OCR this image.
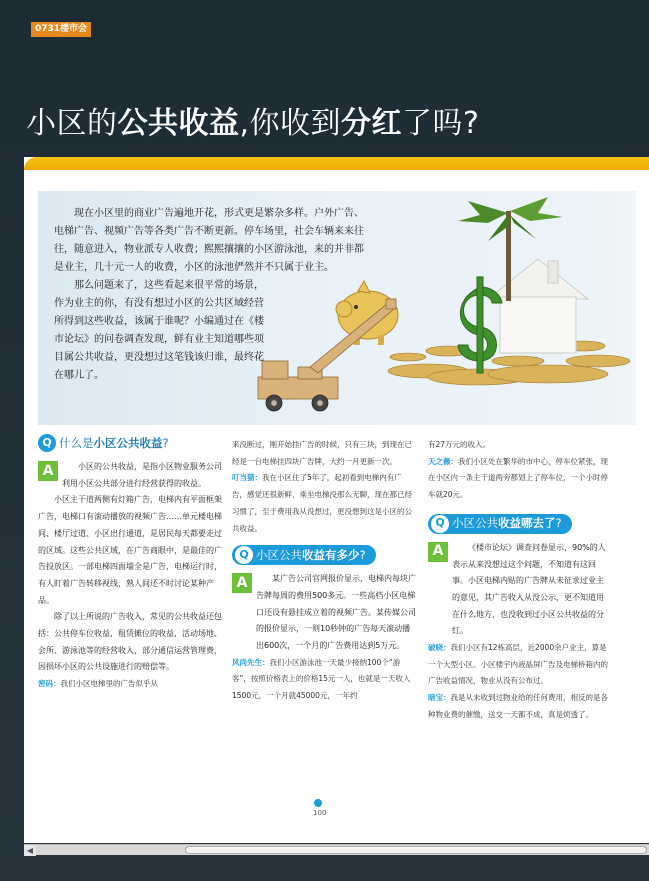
0731楼市会
小区的公共收益,你收到分红了吗?

现在小区里的商业广告遍地开花，形式更是繁杂多样。户外广告、电梯广告、视频广告等各类广告不断更新。停车场里，社会车辆来来往往，随意进入，物业派专人收费；熙熙攘攘的小区游泳池，来的并非都是业主，几十元一人的收费，小区的泳池俨然并不只属于业主。

那么问题来了，这些看起来很平常的场景，作为业主的你，有没有想过小区的公共区域经营所得到这些收益，该属于谁呢？小编通过在《楼市论坛》的问卷调查发现，鲜有业主知道哪些项目属公共收益，更没想过这笔钱该归谁，最终花在哪儿了。

Q 什么是小区公共收益?
A	小区的公共收益，是指小区物业服务公司利用小区公共部分进行经营获得的收益。

小区主干道两侧有灯箱广告，电梯内有平面框架广告，电梯口有滚动播放的视频广告……单元楼电梯间、楼厅过道、小区出行通道，是居民每天都要走过的区域。这些公共区域，在广告商眼中，是最佳的广告投放区。一部电梯四面墙全是广告，电梯运行时，有人盯着广告转移视线，熟人间还不时讨论某种产品。

除了以上所说的广告收入，常见的公共收益还包括：公共停车位收益，租赁摊位的收益，活动场地、会所、游泳池等的经营收入，部分通信运营管理费，因损坏小区的公共设施进行的赔偿等。

密码：我们小区电梯里的广告似乎从
来没断过，刚开始挂广告的时候，只有三块，到现在已经是一台电梯挂四块广告牌，大约一月更新一次。
叮当猫：我在小区住了5年了，起初看到电梯内有广告，感觉还很新鲜，乘坐电梯没那么无聊，现在都已经习惯了，至于费用我从没想过，更没想到这是小区的公共收益。
Q 小区公共收益有多少?
A	某广告公司官网报价显示，电梯内每块广告牌每周的费用500多元。一些高档小区电梯口还设有悬挂成立着的视频广告。某传媒公司的报价显示，一则10秒钟的广告每天滚动播出600次，一个月的广告费用达到5万元。

风尚先生：我们小区游泳池一天最少接纳100个“游客”，按照价格表上的价格15元一人，也就是一天收入1500元，一个月就45000元，一年约
有27万元的收入。
天之薇：我们小区处在繁华的市中心，停车位紧张，现在小区内一条主干道两旁都划上了停车位，一个小时停车就20元。
Q 小区公共收益哪去了?
A	《楼市论坛》调查问卷显示，90%的人表示从来没想过这个问题，不知道有这回事。小区电梯内贴的广告牌从未征求过业主的意见，其广告收入从没公示，更不知道用在什么地方，也没收到过小区公共收益的分红。

破晓：我们小区有12栋高层，近2000余户业主，算是一个大型小区。小区楼宇内液晶屏广告及电梯桥箱内的广告收益情况，物业从没有公布过。
暗宝：我是从未收到过物业给的任何费用，相反的是各种物业费的催缴，送交一天都不成，真是烦透了。
100
◀
